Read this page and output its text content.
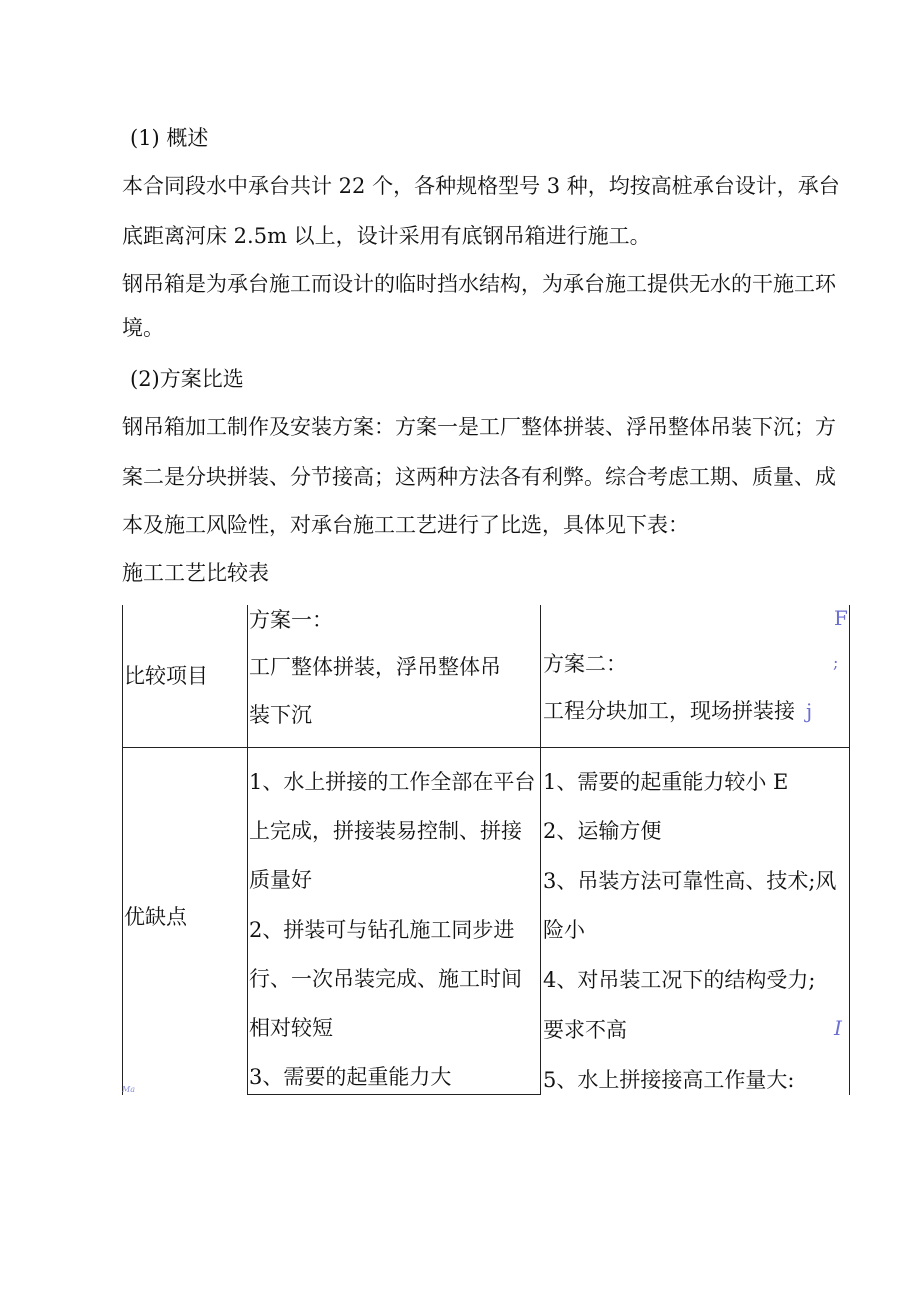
(1) 概述
本合同段水中承台共计 22 个，各种规格型号 3 种，均按高桩承台设计，承台
底距离河床 2.5m 以上，设计采用有底钢吊箱进行施工。
钢吊箱是为承台施工而设计的临时挡水结构，为承台施工提供无水的干施工环
境。
(2)方案比选
钢吊箱加工制作及安装方案：方案一是工厂整体拼装、浮吊整体吊装下沉；方
案二是分块拼装、分节接高；这两种方法各有利弊。综合考虑工期、质量、成
本及施工风险性，对承台施工工艺进行了比选，具体见下表：
施工工艺比较表
比较项目
方案一：
工厂整体拼装，浮吊整体吊
装下沉
方案二：
工程分块加工，现场拼装接
优缺点
1、水上拼接的工作全部在平台
上完成，拼接装易控制、拼接
质量好
2、拼装可与钻孔施工同步进
行、一次吊装完成、施工时间
相对较短
3、需要的起重能力大
1、需要的起重能力较小 E
2、运输方便
3、吊装方法可靠性高、技术;风
险小
4、对吊装工况下的结构受力;
要求不高
5、水上拼接接高工作量大:
F
;
j
I
Ma
